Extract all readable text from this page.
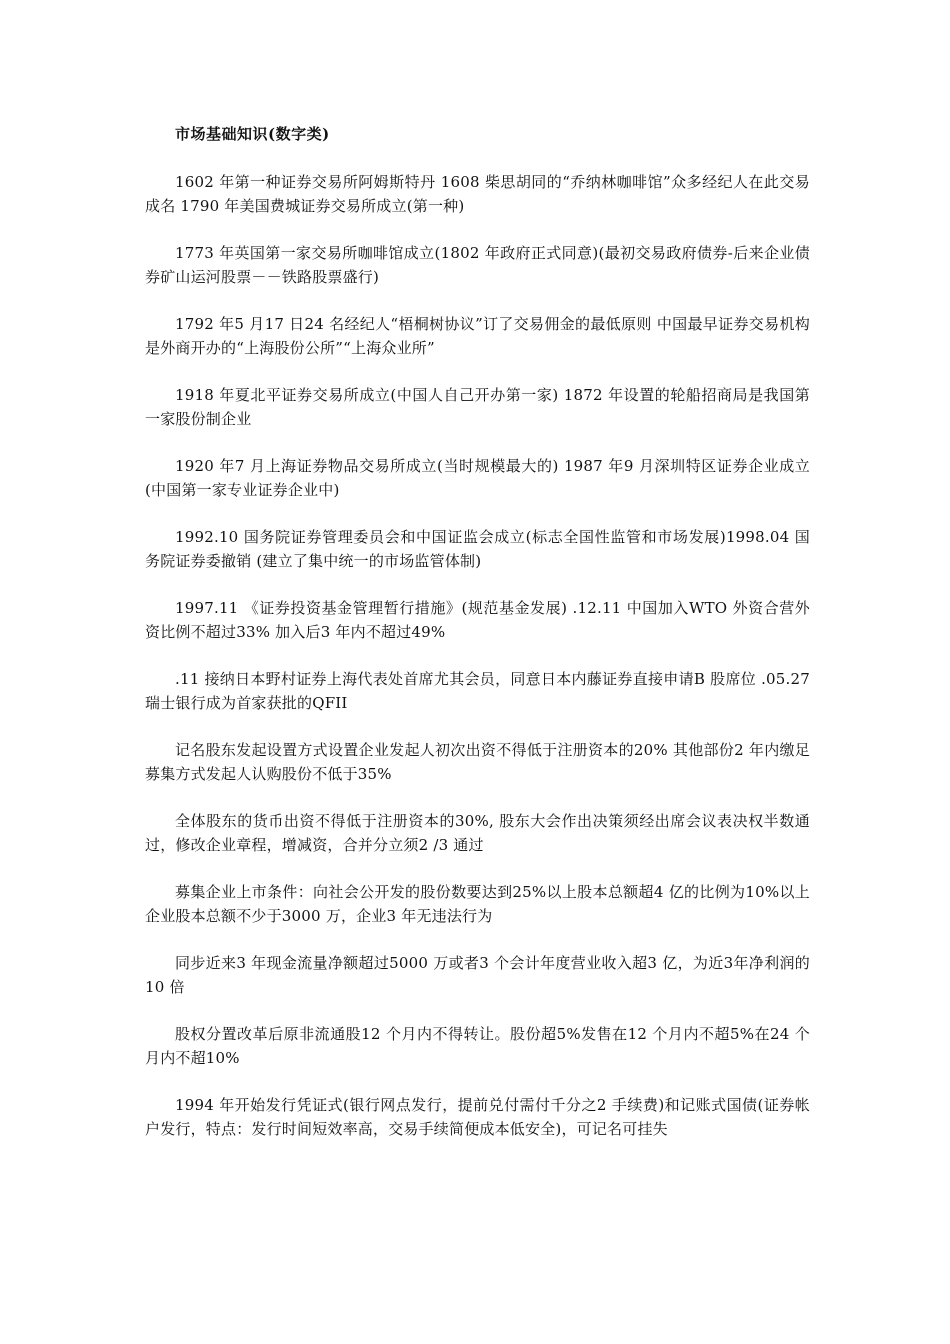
市场基础知识(数字类)

1602 年第一种证券交易所阿姆斯特丹 1608 柴思胡同的“乔纳林咖啡馆”众多经纪人在此交易成名 1790 年美国费城证券交易所成立(第一种)

1773 年英国第一家交易所咖啡馆成立(1802 年政府正式同意)(最初交易政府债券-后来企业债券矿山运河股票－－铁路股票盛行)

1792 年5 月17 日24 名经纪人“梧桐树协议”订了交易佣金的最低原则 中国最早证券交易机构是外商开办的“上海股份公所”“上海众业所”

1918 年夏北平证券交易所成立(中国人自己开办第一家) 1872 年设置的轮船招商局是我国第一家股份制企业

1920 年7 月上海证券物品交易所成立(当时规模最大的) 1987 年9 月深圳特区证券企业成立(中国第一家专业证券企业中)

1992.10 国务院证券管理委员会和中国证监会成立(标志全国性监管和市场发展)1998.04 国务院证券委撤销 (建立了集中统一的市场监管体制)

1997.11 《证券投资基金管理暂行措施》(规范基金发展) .12.11 中国加入WTO 外资合营外资比例不超过33% 加入后3 年内不超过49%

.11 接纳日本野村证券上海代表处首席尤其会员，同意日本内藤证券直接申请B 股席位 .05.27 瑞士银行成为首家获批的QFII

记名股东发起设置方式设置企业发起人初次出资不得低于注册资本的20% 其他部份2 年内缴足 募集方式发起人认购股份不低于35%

全体股东的货币出资不得低于注册资本的30%, 股东大会作出决策须经出席会议表决权半数通过，修改企业章程，增减资，合并分立须2 /3 通过

募集企业上市条件：向社会公开发的股份数要达到25%以上股本总额超4 亿的比例为10%以上企业股本总额不少于3000 万，企业3 年无违法行为

同步近来3 年现金流量净额超过5000 万或者3 个会计年度营业收入超3 亿，为近3年净利润的10 倍

股权分置改革后原非流通股12 个月内不得转让。股份超5%发售在12 个月内不超5%在24 个月内不超10%

1994 年开始发行凭证式(银行网点发行，提前兑付需付千分之2 手续费)和记账式国债(证券帐户发行，特点：发行时间短效率高，交易手续简便成本低安全)，可记名可挂失
